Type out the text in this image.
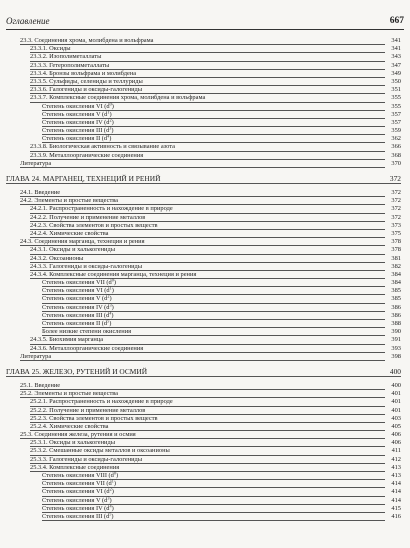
Оглавление	667
23.3. Соединения хрома, молибдена и вольфрама	341
23.3.1. Оксиды	341
23.3.2. Изополиметаллаты	343
23.3.3. Гетерополиметаллаты	347
23.3.4. Бронзы вольфрама и молибдена	349
23.3.5. Сульфиды, селениды и теллуриды	350
23.3.6. Галогениды и оксиды-галогениды	351
23.3.7. Комплексные соединения хрома, молибдена и вольфрама	355
Степень окисления VI $(d^0)$	355
Степень окисления V $(d^1)$	357
Степень окисления IV $(d^2)$	357
Степень окисления III $(d^3)$	359
Степень окисления II $(d^4)$	362
23.3.8. Биологическая активность и связывание азота	366
23.3.9. Металлоорганические соединения	368
Литература	370
ГЛАВА 24. МАРГАНЕЦ, ТЕХНЕЦИЙ И РЕНИЙ	372
24.1. Введение	372
24.2. Элементы и простые вещества	372
24.2.1. Распространенность и нахождение в природе	372
24.2.2. Получение и применение металлов	372
24.2.3. Свойства элементов и простых веществ	373
24.2.4. Химические свойства	375
24.3. Соединения марганца, технеция и рения	378
24.3.1. Оксиды и халькогениды	378
24.3.2. Оксоанионы	381
24.3.3. Галогениды и оксиды-галогениды	382
24.3.4. Комплексные соединения марганца, технеция и рения	384
Степень окисления VII $(d^0)$	384
Степень окисления VI $(d^1)$	385
Степень окисления V $(d^2)$	385
Степень окисления IV $(d^3)$	386
Степень окисления III $(d^4)$	386
Степень окисления II $(d^5)$	388
Более низкие степени окисления	390
24.3.5. Биохимия марганца	391
24.3.6. Металлоорганические соединения	393
Литература	398
ГЛАВА 25. ЖЕЛЕЗО, РУТЕНИЙ И ОСМИЙ	400
25.1. Введение	400
25.2. Элементы и простые вещества	401
25.2.1. Распространенность и нахождение в природе	401
25.2.2. Получение и применение металлов	401
25.2.3. Свойства элементов и простых веществ	403
25.2.4. Химические свойства	405
25.3. Соединения железа, рутения и осмия	406
25.3.1. Оксиды и халькогениды	406
25.3.2. Смешанные оксиды металлов и оксоанионы	411
25.3.3. Галогениды и оксиды-галогениды	412
25.3.4. Комплексные соединения	413
Степень окисления VIII $(d^0)$	413
Степень окисления VII $(d^1)$	414
Степень окисления VI $(d^2)$	414
Степень окисления V $(d^3)$	414
Степень окисления IV $(d^4)$	415
Степень окисления III $(d^5)$	416
